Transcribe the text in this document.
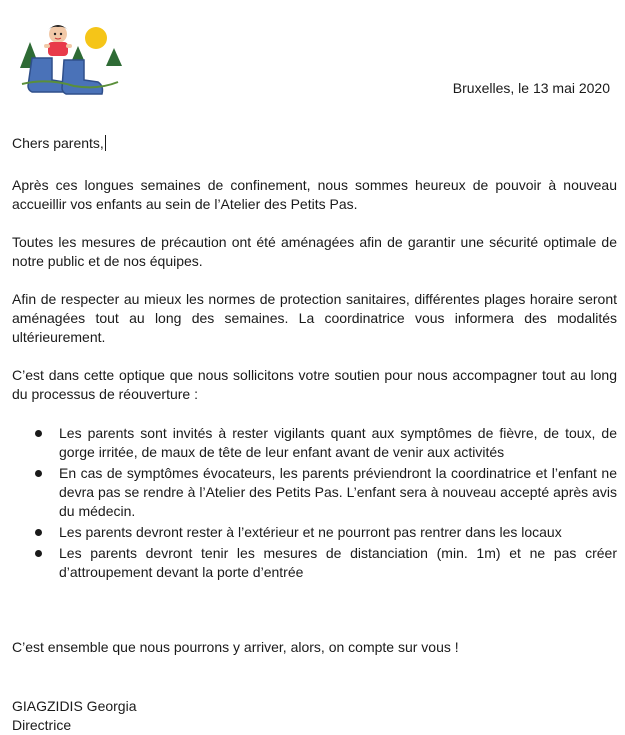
Bruxelles, le 13 mai 2020

Chers parents,

Après ces longues semaines de confinement, nous sommes heureux de pouvoir à nouveau accueillir vos enfants au sein de l’Atelier des Petits Pas.

Toutes les mesures de précaution ont été aménagées afin de garantir une sécurité optimale de notre public et de nos équipes.

Afin de respecter au mieux les normes de protection sanitaires, différentes plages horaire seront aménagées tout au long des semaines. La coordinatrice vous informera des modalités ultérieurement.

C’est dans cette optique que nous sollicitons votre soutien pour nous accompagner tout au long du processus de réouverture :

Les parents sont invités à rester vigilants quant aux symptômes de fièvre, de toux, de gorge irritée, de maux de tête de leur enfant avant de venir aux activités
En cas de symptômes évocateurs, les parents préviendront la coordinatrice et l’enfant ne devra pas se rendre à l’Atelier des Petits Pas. L’enfant sera à nouveau accepté après avis du médecin.
Les parents devront rester à l’extérieur et ne pourront pas rentrer dans les locaux
Les parents devront tenir les mesures de distanciation (min. 1m) et ne pas créer d’attroupement devant la porte d’entrée

C’est ensemble que nous pourrons y arriver, alors, on compte sur vous !

GIAGZIDIS Georgia

Directrice
